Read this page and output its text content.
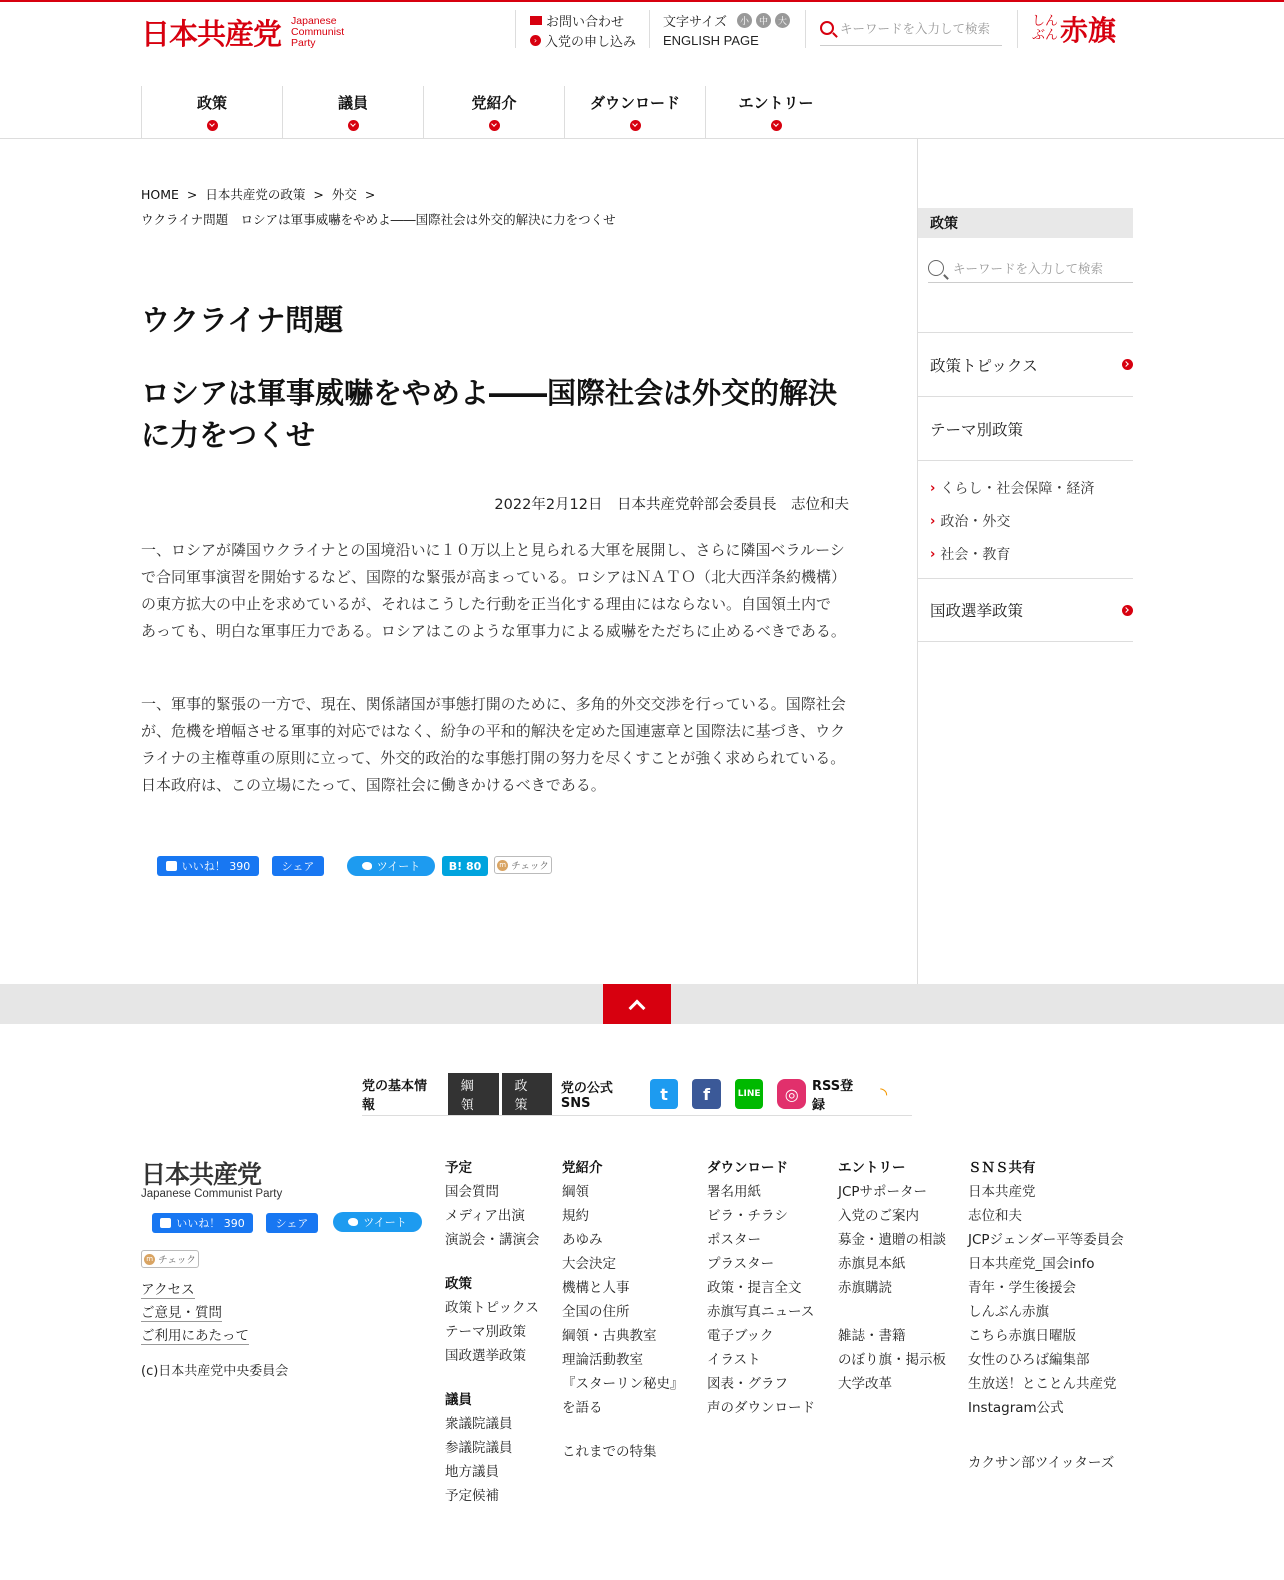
日本共産党 Japanese
Communist
Party
お問い合わせ
› 入党の申し込み
文字サイズ	小	中	大
ENGLISH PAGE
キーワードを入力して検索	しんぶん 赤旗
政策	議員	党紹介	ダウンロード	エントリー
HOME > 日本共産党の政策 > 外交 >
ウクライナ問題　ロシアは軍事威嚇をやめよ――国際社会は外交的解決に力をつくせ
ウクライナ問題
ロシアは軍事威嚇をやめよ――国際社会は外交的解決に力をつくせ
2022年2月12日　日本共産党幹部会委員長　志位和夫

一、ロシアが隣国ウクライナとの国境沿いに１０万以上と見られる大軍を展開し、さらに隣国ベラルーシで合同軍事演習を開始するなど、国際的な緊張が高まっている。ロシアはＮＡＴＯ（北大西洋条約機構）の東方拡大の中止を求めているが、それはこうした行動を正当化する理由にはならない。自国領土内であっても、明白な軍事圧力である。ロシアはこのような軍事力による威嚇をただちに止めるべきである。

一、軍事的緊張の一方で、現在、関係諸国が事態打開のために、多角的外交交渉を行っている。国際社会が、危機を増幅させる軍事的対応ではなく、紛争の平和的解決を定めた国連憲章と国際法に基づき、ウクライナの主権尊重の原則に立って、外交的政治的な事態打開の努力を尽くすことが強く求められている。日本政府は、この立場にたって、国際社会に働きかけるべきである。

いいね！ 390	シェア	ツイート	B! 80	m チェック
政策
キーワードを入力して検索
政策トピックス
テーマ別政策
› くらし・社会保障・経済
› 政治・外交
› 社会・教育
国政選挙政策
党の基本情報
綱領
政策
党の公式SNS	t	f	LINE	◎	RSS登録
◝
日本共産党
Japanese Communist Party
いいね！ 390	シェア	ツイート
m チェック
アクセス
ご意見・質問
ご利用にあたって
(c)日本共産党中央委員会
予定
国会質問
メディア出演
演説会・講演会
政策
政策トピックス
テーマ別政策
国政選挙政策
議員
衆議院議員
参議院議員
地方議員
予定候補
党紹介
綱領
規約
あゆみ
大会決定
機構と人事
全国の住所
綱領・古典教室
理論活動教室
『スターリン秘史』
を語る
これまでの特集
ダウンロード
署名用紙
ビラ・チラシ
ポスター
プラスター
政策・提言全文
赤旗写真ニュース
電子ブック
イラスト
図表・グラフ
声のダウンロード
エントリー
JCPサポーター
入党のご案内
募金・遺贈の相談
赤旗見本紙
赤旗購読
雑誌・書籍
のぼり旗・掲示板
大学改革
ＳＮＳ共有
日本共産党
志位和夫
JCPジェンダー平等委員会
日本共産党_国会info
青年・学生後援会
しんぶん赤旗
こちら赤旗日曜版
女性のひろば編集部
生放送！とことん共産党
Instagram公式
カクサン部ツイッターズ
